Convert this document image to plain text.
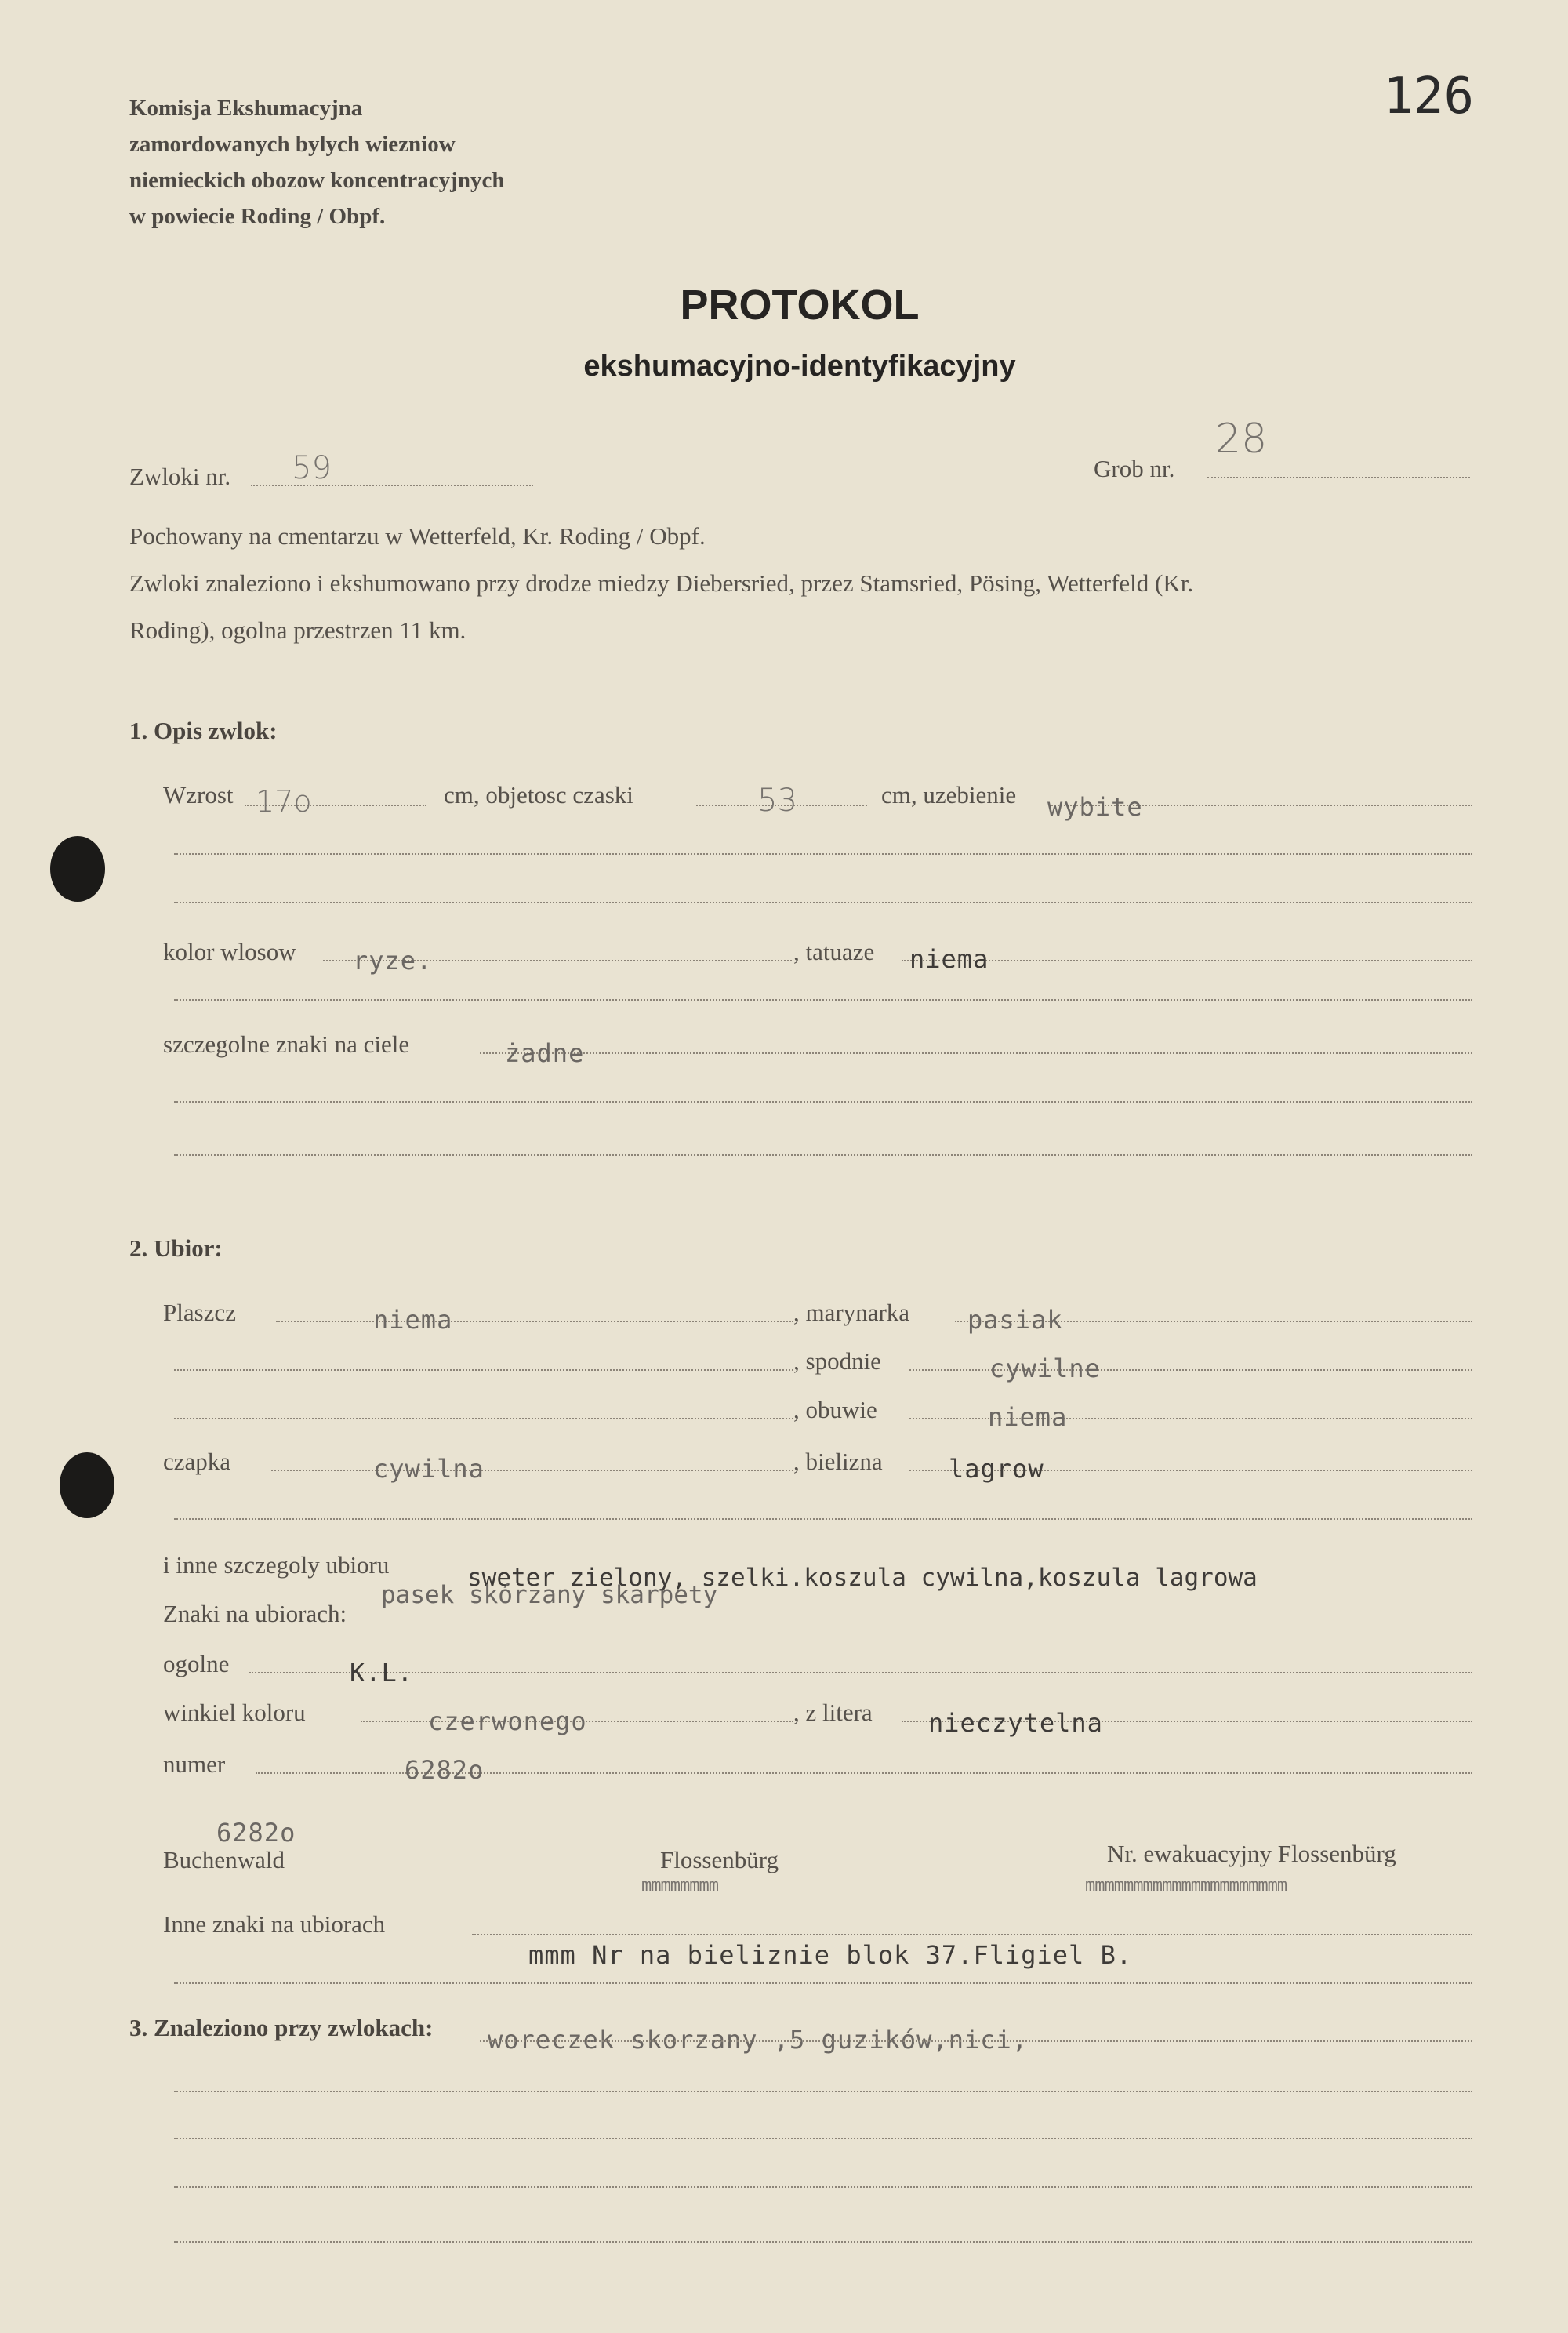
Komisja Ekshumacyjna
zamordowanych bylych wiezniow
niemieckich obozow koncentracyjnych
w powiecie Roding / Obpf.
126
PROTOKOL
ekshumacyjno-identyfikacyjny
Zwloki nr. 59	Grob nr.
28
Pochowany na cmentarzu w Wetterfeld, Kr. Roding / Obpf.
Zwloki znaleziono i ekshumowano przy drodze miedzy Diebersried, przez Stamsried, Pösing, Wetterfeld (Kr.
Roding), ogolna przestrzen 11 km.
1. Opis zwlok:
Wzrost 17o	cm, objetosc czaski	53	cm, uzebienie wybite
kolor wlosow ryze.	, tatuaze niema
szczegolne znaki na ciele	żadne
2. Ubior:
Plaszcz	niema	, marynarka pasiak
, spodnie	cywilne
, obuwie	niema
czapka	cywilna	, bielizna	lagrow
i inne szczegoly ubioru	sweter zielony, szelki.koszula cywilna,koszula lagrowa
pasek skórzany skarpety
Znaki na ubiorach:
ogolne	K.L.
winkiel koloru	czerwonego	, z litera nieczytelna
numer	6282o
6282o
Buchenwald	Flossenbürg
mmmmmmmm
Nr. ewakuacyjny Flossenbürg
mmmmmmmmmmmmmmmmmmmmm
Inne znaki na ubiorach
mmm Nr na bieliznie blok 37.Fligiel B.
3. Znaleziono przy zwlokach: woreczek skorzany ,5 guzików,nici,
